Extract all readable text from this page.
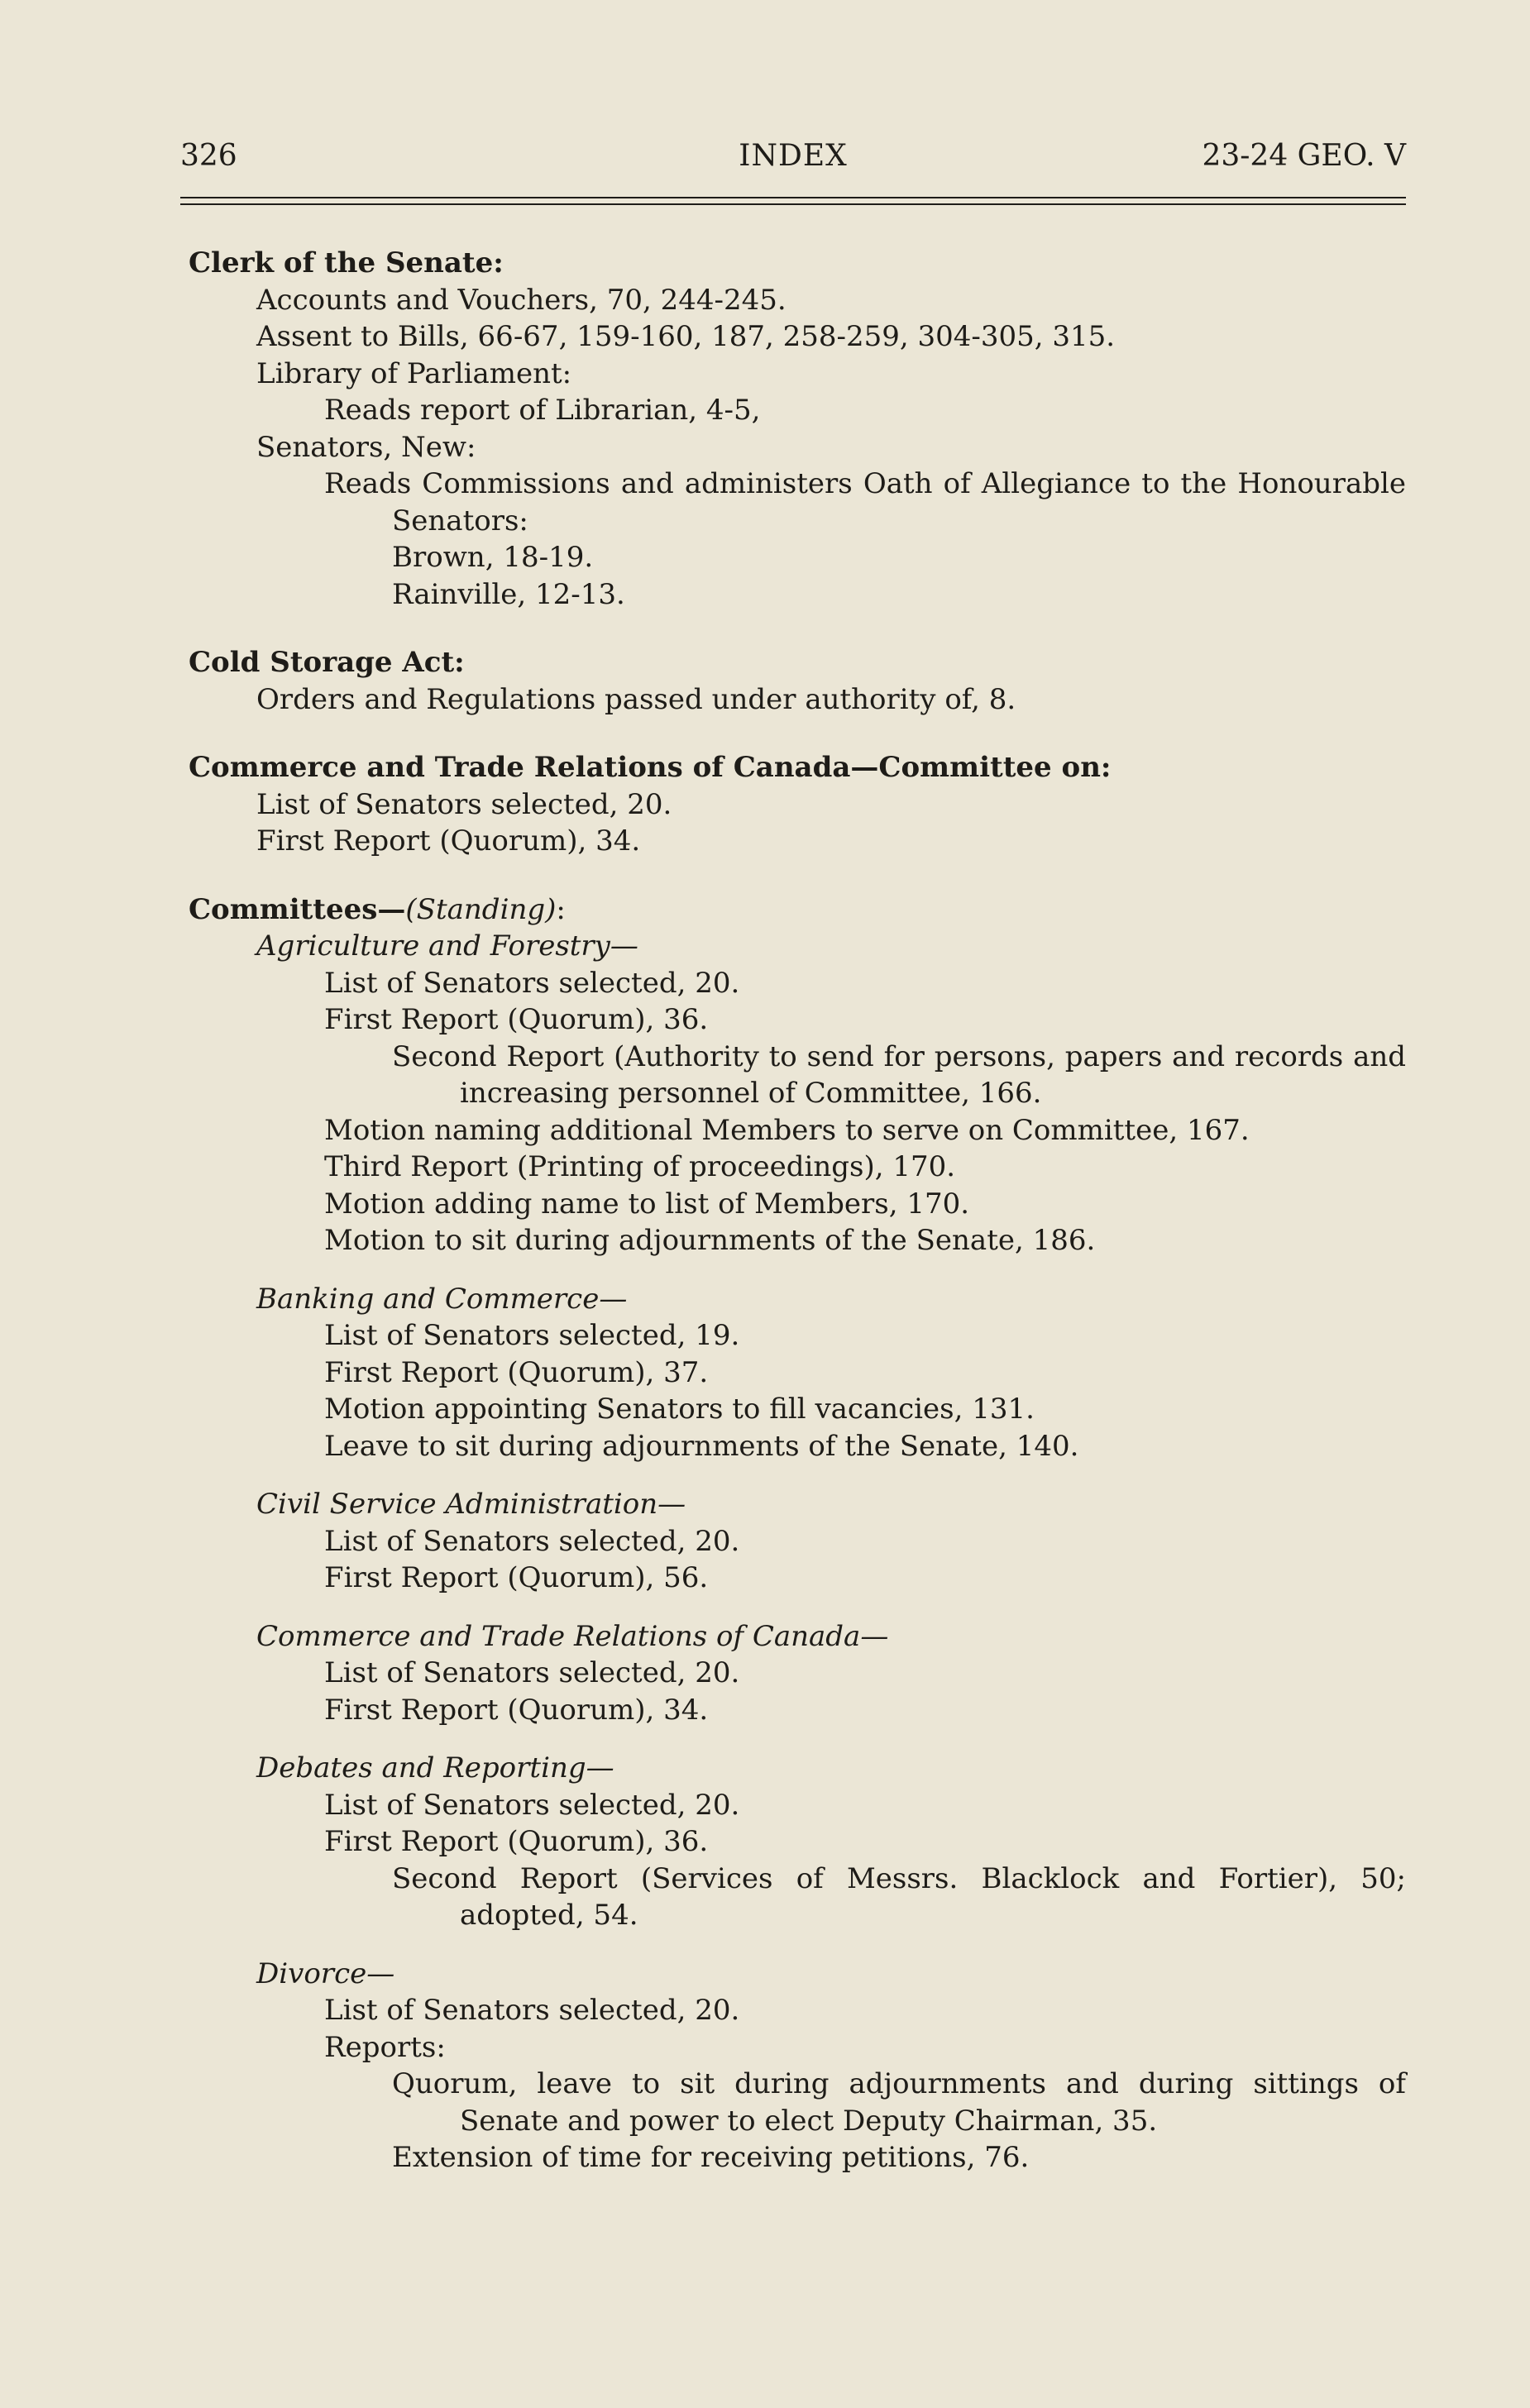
326	INDEX	23-24 GEO. V
Clerk of the Senate:
Accounts and Vouchers, 70, 244-245.
Assent to Bills, 66-67, 159-160, 187, 258-259, 304-305, 315.
Library of Parliament:
Reads report of Librarian, 4-5,
Senators, New:
Reads Commissions and administers Oath of Allegiance to the Honourable Senators:
Brown, 18-19.
Rainville, 12-13.
Cold Storage Act:
Orders and Regulations passed under authority of, 8.
Commerce and Trade Relations of Canada—Committee on:
List of Senators selected, 20.
First Report (Quorum), 34.
Committees—(Standing):
Agriculture and Forestry—
List of Senators selected, 20.
First Report (Quorum), 36.
Second Report (Authority to send for persons, papers and records and increasing personnel of Committee, 166.
Motion naming additional Members to serve on Committee, 167.
Third Report (Printing of proceedings), 170.
Motion adding name to list of Members, 170.
Motion to sit during adjournments of the Senate, 186.
Banking and Commerce—
List of Senators selected, 19.
First Report (Quorum), 37.
Motion appointing Senators to fill vacancies, 131.
Leave to sit during adjournments of the Senate, 140.
Civil Service Administration—
List of Senators selected, 20.
First Report (Quorum), 56.
Commerce and Trade Relations of Canada—
List of Senators selected, 20.
First Report (Quorum), 34.
Debates and Reporting—
List of Senators selected, 20.
First Report (Quorum), 36.
Second Report (Services of Messrs. Blacklock and Fortier), 50; adopted, 54.
Divorce—
List of Senators selected, 20.
Reports:
Quorum, leave to sit during adjournments and during sittings of Senate and power to elect Deputy Chairman, 35.
Extension of time for receiving petitions, 76.
